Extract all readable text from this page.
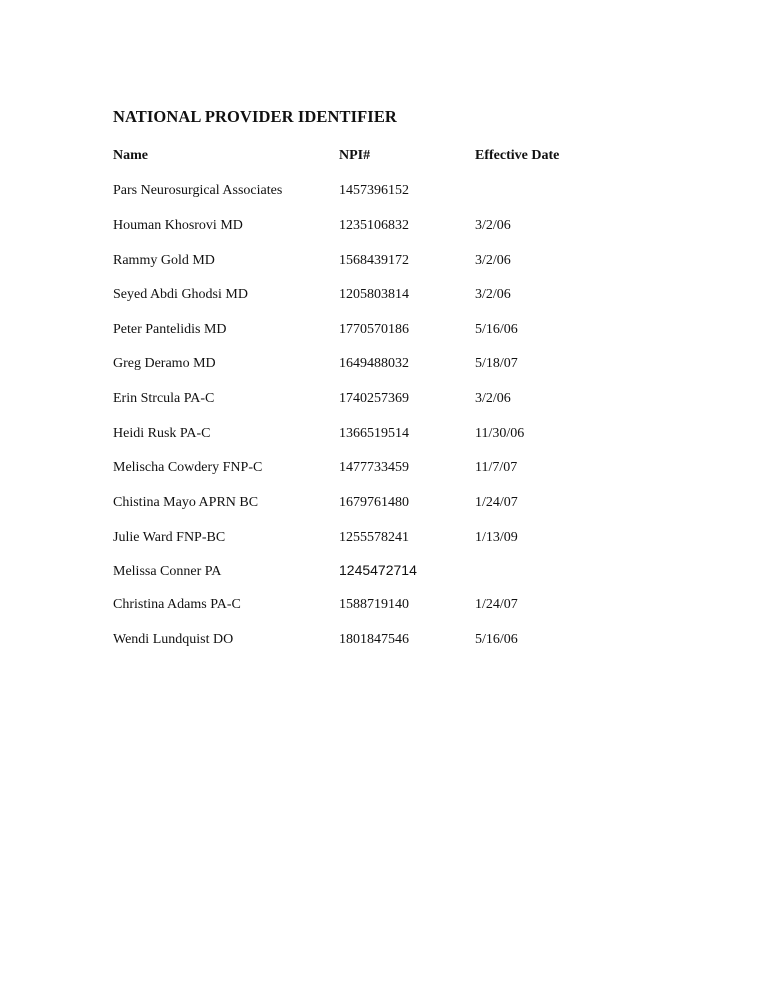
NATIONAL PROVIDER IDENTIFIER
Name	NPI#	Effective Date
Pars Neurosurgical Associates	1457396152
Houman Khosrovi MD	1235106832	3/2/06
Rammy Gold MD	1568439172	3/2/06
Seyed Abdi Ghodsi MD	1205803814	3/2/06
Peter Pantelidis MD	1770570186	5/16/06
Greg Deramo MD	1649488032	5/18/07
Erin Strcula PA-C	1740257369	3/2/06
Heidi Rusk PA-C	1366519514	11/30/06
Melischa Cowdery FNP-C	1477733459	11/7/07
Chistina Mayo APRN BC	1679761480	1/24/07
Julie Ward FNP-BC	1255578241	1/13/09
Melissa Conner PA	1245472714
Christina Adams PA-C	1588719140	1/24/07
Wendi Lundquist DO	1801847546	5/16/06
